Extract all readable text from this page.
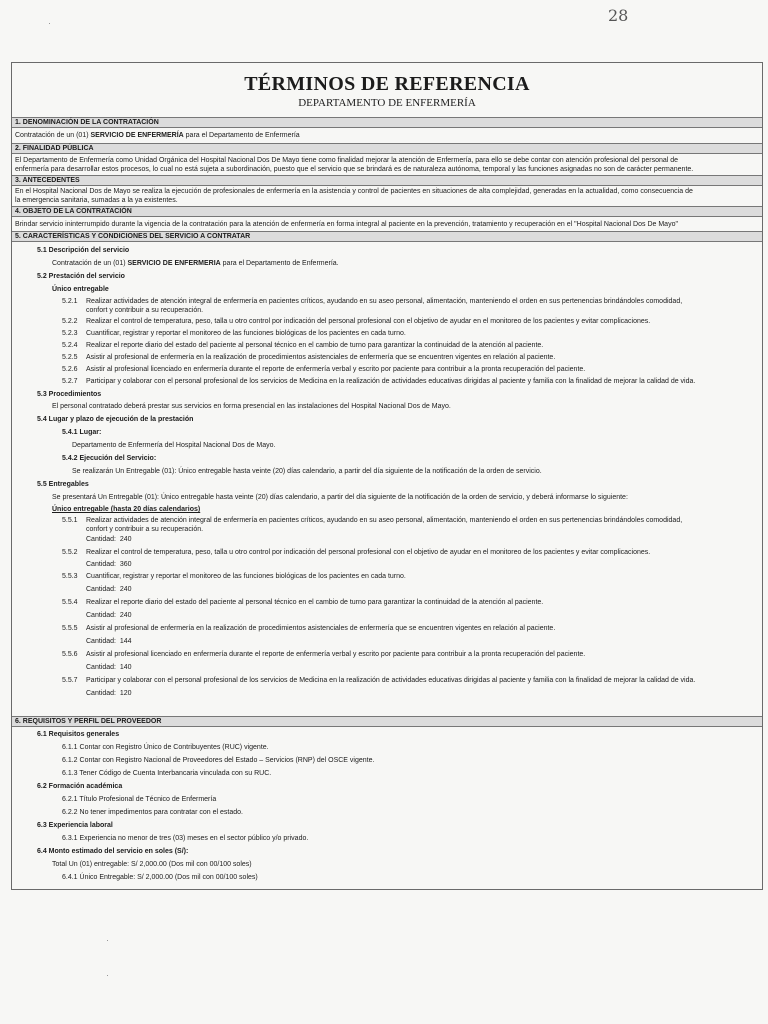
28
TÉRMINOS DE REFERENCIA
DEPARTAMENTO DE ENFERMERÍA
1. DENOMINACIÓN DE LA CONTRATACIÓN
Contratación de un (01) SERVICIO DE ENFERMERÍA para el Departamento de Enfermería
2. FINALIDAD PÚBLICA
El Departamento de Enfermería como Unidad Orgánica del Hospital Nacional Dos De Mayo tiene como finalidad mejorar la atención de Enfermería, para ello se debe contar con atención profesional del personal de
enfermería para desarrollar estos procesos, lo cual no está sujeta a subordinación, puesto que el servicio que se brindará es de naturaleza autónoma, temporal y las funciones asignadas no son de carácter permanente.
3. ANTECEDENTES
En el Hospital Nacional Dos de Mayo se realiza la ejecución de profesionales de enfermería en la asistencia y control de pacientes en situaciones de alta complejidad, generadas en la actualidad, como consecuencia de
la emergencia sanitaria, sumadas a la ya existentes.
4. OBJETO DE LA CONTRATACIÓN
Brindar servicio ininterrumpido durante la vigencia de la contratación para la atención de enfermería en forma integral al paciente en la prevención, tratamiento y recuperación en el "Hospital Nacional Dos De Mayo"
5. CARACTERÍSTICAS Y CONDICIONES DEL SERVICIO A CONTRATAR
5.1 Descripción del servicio
Contratación de un (01) SERVICIO DE ENFERMERIA para el Departamento de Enfermería.
5.2 Prestación del servicio
Único entregable
5.2.1 Realizar actividades de atención integral de enfermería en pacientes críticos, ayudando en su aseo personal, alimentación, manteniendo el orden en sus pertenencias brindándoles comodidad,
confort y contribuir a su recuperación.
5.2.2 Realizar el control de temperatura, peso, talla u otro control por indicación del personal profesional con el objetivo de ayudar en el monitoreo de los pacientes y evitar complicaciones.
5.2.3 Cuantificar, registrar y reportar el monitoreo de las funciones biológicas de los pacientes en cada turno.
5.2.4 Realizar el reporte diario del estado del paciente al personal técnico en el cambio de turno para garantizar la continuidad de la atención al paciente.
5.2.5 Asistir al profesional de enfermería en la realización de procedimientos asistenciales de enfermería que se encuentren vigentes en relación al paciente.
5.2.6 Asistir al profesional licenciado en enfermería durante el reporte de enfermería verbal y escrito por paciente para contribuir a la pronta recuperación del paciente.
5.2.7 Participar y colaborar con el personal profesional de los servicios de Medicina en la realización de actividades educativas dirigidas al paciente y familia con la finalidad de mejorar la calidad de vida.
5.3 Procedimientos
El personal contratado deberá prestar sus servicios en forma presencial en las instalaciones del Hospital Nacional Dos de Mayo.
5.4 Lugar y plazo de ejecución de la prestación
5.4.1 Lugar:
Departamento de Enfermería del Hospital Nacional Dos de Mayo.
5.4.2 Ejecución del Servicio:
Se realizarán Un Entregable (01): Único entregable hasta veinte (20) días calendario, a partir del día siguiente de la notificación de la orden de servicio.
5.5 Entregables
Se presentará Un Entregable (01): Único entregable hasta veinte (20) días calendario, a partir del día siguiente de la notificación de la orden de servicio, y deberá informarse lo siguiente:
Único entregable (hasta 20 días calendarios)
5.5.1 Realizar actividades de atención integral de enfermería en pacientes críticos, ayudando en su aseo personal, alimentación, manteniendo el orden en sus pertenencias brindándoles comodidad,
confort y contribuir a su recuperación.
Cantidad: 240
5.5.2 Realizar el control de temperatura, peso, talla u otro control por indicación del personal profesional con el objetivo de ayudar en el monitoreo de los pacientes y evitar complicaciones.
Cantidad: 360
5.5.3 Cuantificar, registrar y reportar el monitoreo de las funciones biológicas de los pacientes en cada turno.
Cantidad: 240
5.5.4 Realizar el reporte diario del estado del paciente al personal técnico en el cambio de turno para garantizar la continuidad de la atención al paciente.
Cantidad: 240
5.5.5 Asistir al profesional de enfermería en la realización de procedimientos asistenciales de enfermería que se encuentren vigentes en relación al paciente.
Cantidad: 144
5.5.6 Asistir al profesional licenciado en enfermería durante el reporte de enfermería verbal y escrito por paciente para contribuir a la pronta recuperación del paciente.
Cantidad: 140
5.5.7 Participar y colaborar con el personal profesional de los servicios de Medicina en la realización de actividades educativas dirigidas al paciente y familia con la finalidad de mejorar la calidad de vida.
Cantidad: 120
6. REQUISITOS Y PERFIL DEL PROVEEDOR
6.1 Requisitos generales
6.1.1 Contar con Registro Único de Contribuyentes (RUC) vigente.
6.1.2 Contar con Registro Nacional de Proveedores del Estado – Servicios (RNP) del OSCE vigente.
6.1.3 Tener Código de Cuenta Interbancaria vinculada con su RUC.
6.2 Formación académica
6.2.1 Título Profesional de Técnico de Enfermería
6.2.2 No tener impedimentos para contratar con el estado.
6.3 Experiencia laboral
6.3.1 Experiencia no menor de tres (03) meses en el sector público y/o privado.
6.4 Monto estimado del servicio en soles (S/):
Total Un (01) entregable: S/ 2,000.00 (Dos mil con 00/100 soles)
6.4.1 Único Entregable: S/ 2,000.00 (Dos mil con 00/100 soles)
·
·
·
